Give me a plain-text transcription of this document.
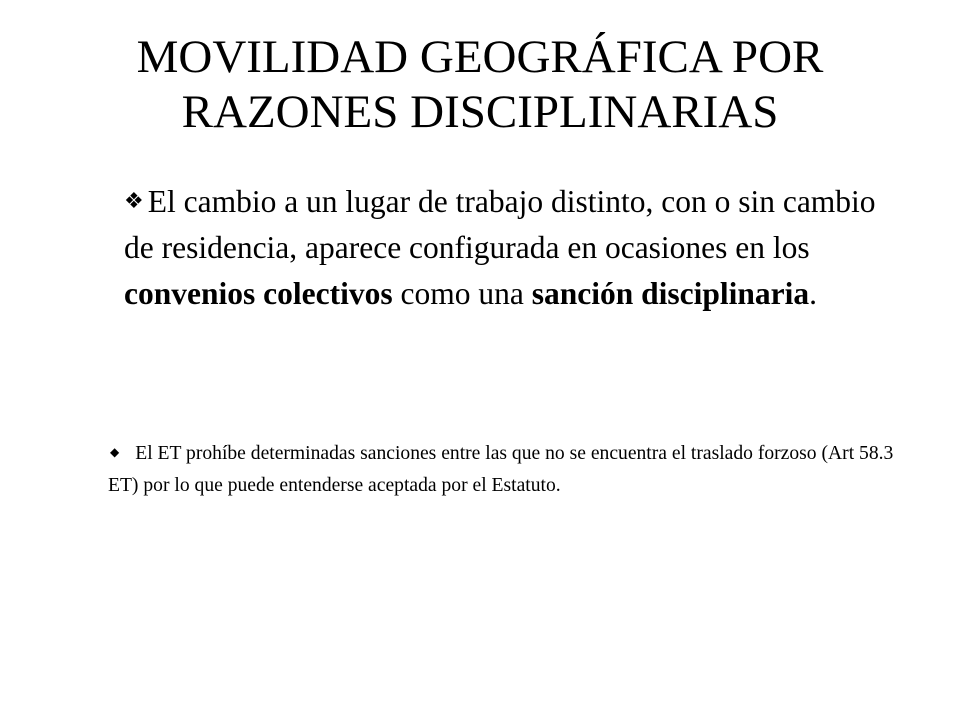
MOVILIDAD GEOGRÁFICA POR RAZONES DISCIPLINARIAS

❖ El cambio a un lugar de trabajo distinto, con o sin cambio de residencia, aparece configurada en ocasiones en los convenios colectivos como una sanción disciplinaria.

◆ El ET prohíbe determinadas sanciones entre las que no se encuentra el traslado forzoso (Art 58.3 ET) por lo que puede entenderse aceptada por el Estatuto.
